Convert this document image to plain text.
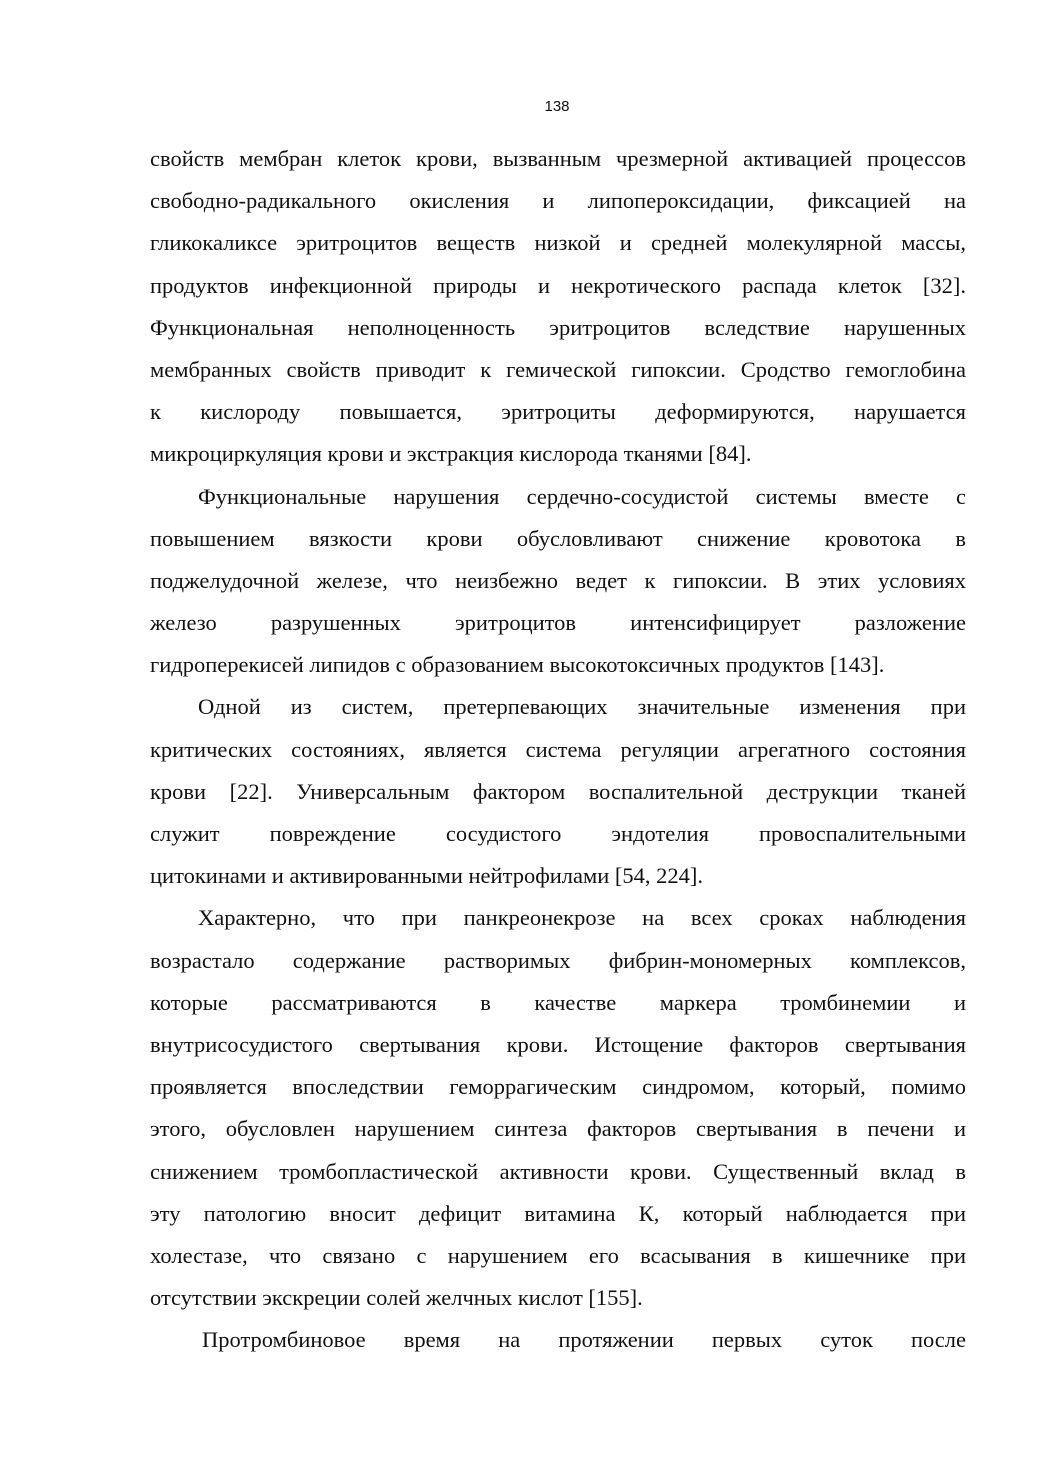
138
свойств мембран клеток крови, вызванным чрезмерной активацией процессов
свободно-радикального окисления и липопероксидации, фиксацией на
гликокаликсе эритроцитов веществ низкой и средней молекулярной массы,
продуктов инфекционной природы и некротического распада клеток [32].
Функциональная неполноценность эритроцитов вследствие нарушенных
мембранных свойств приводит к гемической гипоксии. Сродство гемоглобина
к кислороду повышается, эритроциты деформируются, нарушается
микроциркуляция крови и экстракция кислорода тканями [84].
Функциональные нарушения сердечно-сосудистой системы вместе с
повышением вязкости крови обусловливают снижение кровотока в
поджелудочной железе, что неизбежно ведет к гипоксии. В этих условиях
железо разрушенных эритроцитов интенсифицирует разложение
гидроперекисей липидов с образованием высокотоксичных продуктов [143].
Одной из систем, претерпевающих значительные изменения при
критических состояниях, является система регуляции агрегатного состояния
крови [22]. Универсальным фактором воспалительной деструкции тканей
служит повреждение сосудистого эндотелия провоспалительными
цитокинами и активированными нейтрофилами [54, 224].
Характерно, что при панкреонекрозе на всех сроках наблюдения
возрастало содержание растворимых фибрин-мономерных комплексов,
которые рассматриваются в качестве маркера тромбинемии и
внутрисосудистого свертывания крови. Истощение факторов свертывания
проявляется впоследствии геморрагическим синдромом, который, помимо
этого, обусловлен нарушением синтеза факторов свертывания в печени и
снижением тромбопластической активности крови. Существенный вклад в
эту патологию вносит дефицит витамина К, который наблюдается при
холестазе, что связано с нарушением его всасывания в кишечнике при
отсутствии экскреции солей желчных кислот [155].
Протромбиновое время на протяжении первых суток после
